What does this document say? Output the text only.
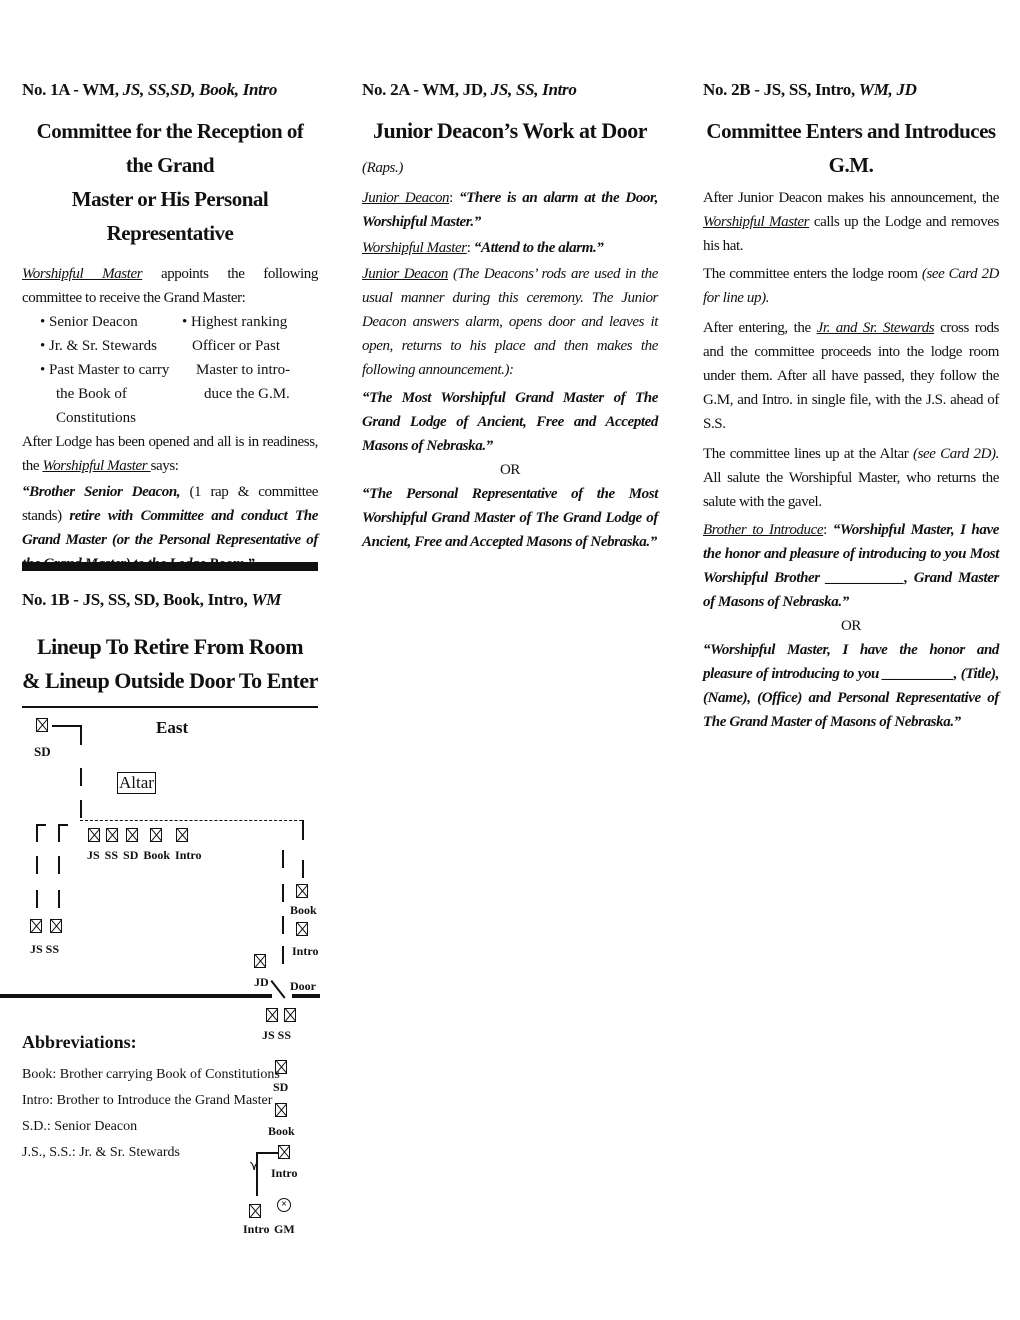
No. 1A - WM, JS, SS,SD, Book, Intro
Committee for the Reception of the Grand
Master or His Personal Representative

Worshipful Master appoints the following committee to receive the Grand Master:

• Senior Deacon
• Jr. & Sr. Stewards
• Past Master to carry
the Book of
Constitutions
• Highest ranking
Officer or Past
Master to intro-
duce the G.M.

After Lodge has been opened and all is in readiness, the Worshipful Master says:

“Brother Senior Deacon, (1 rap & committee stands) retire with Committee and conduct The Grand Master (or the Personal Representative of

No. 1B - JS, SS, SD, Book, Intro, WM
Lineup To Retire From Room
& Lineup Outside Door To Enter
SD
East
Altar
JS SS SD Book Intro
Book
JS SS	Intro
JD Door
JS SS
SD
Book
⋎ Intro
Intro
×
GM
Abbreviations:
Book: Brother carrying Book of Constitutions
Intro: Brother to Introduce the Grand Master
S.D.: Senior Deacon
J.S., S.S.: Jr. & Sr. Stewards
No. 2A - WM, JD, JS, SS, Intro
Junior Deacon’s Work at Door

(Raps.)

Junior Deacon: “There is an alarm at the Door, Worshipful Master.”

Worshipful Master: “Attend to the alarm.”

Junior Deacon (The Deacons’ rods are used in the usual manner during this ceremony. The Junior Deacon answers alarm, opens door and leaves it open, returns to his place and then makes the following announcement.):

“The Most Worshipful Grand Master of The Grand Lodge of Ancient, Free and Accepted Masons of Nebraska.”

OR

“The Personal Representative of the Most Worshipful Grand Master of The Grand Lodge of Ancient, Free and Accepted Masons of Nebraska.”

No. 2B - JS, SS, Intro, WM, JD
Committee Enters and Introduces G.M.

After Junior Deacon makes his announcement, the Worshipful Master calls up the Lodge and removes his hat.

The committee enters the lodge room (see Card 2D for line up).

After entering, the Jr. and Sr. Stewards cross rods and the committee proceeds into the lodge room under them. After all have passed, they follow the G.M, and Intro. in single file, with the J.S. ahead of S.S.

The committee lines up at the Altar (see Card 2D). All salute the Worshipful Master, who returns the salute with the gavel.

Brother to Introduce: “Worshipful Master, I have the honor and pleasure of introducing to you Most Worshipful Brother ___________, Grand Master of Masons of Nebraska.”

OR

“Worshipful Master, I have the honor and pleasure of introducing to you __________, (Title), (Name), (Office) and Personal Representative of The Grand Master of Masons of Nebraska.”
